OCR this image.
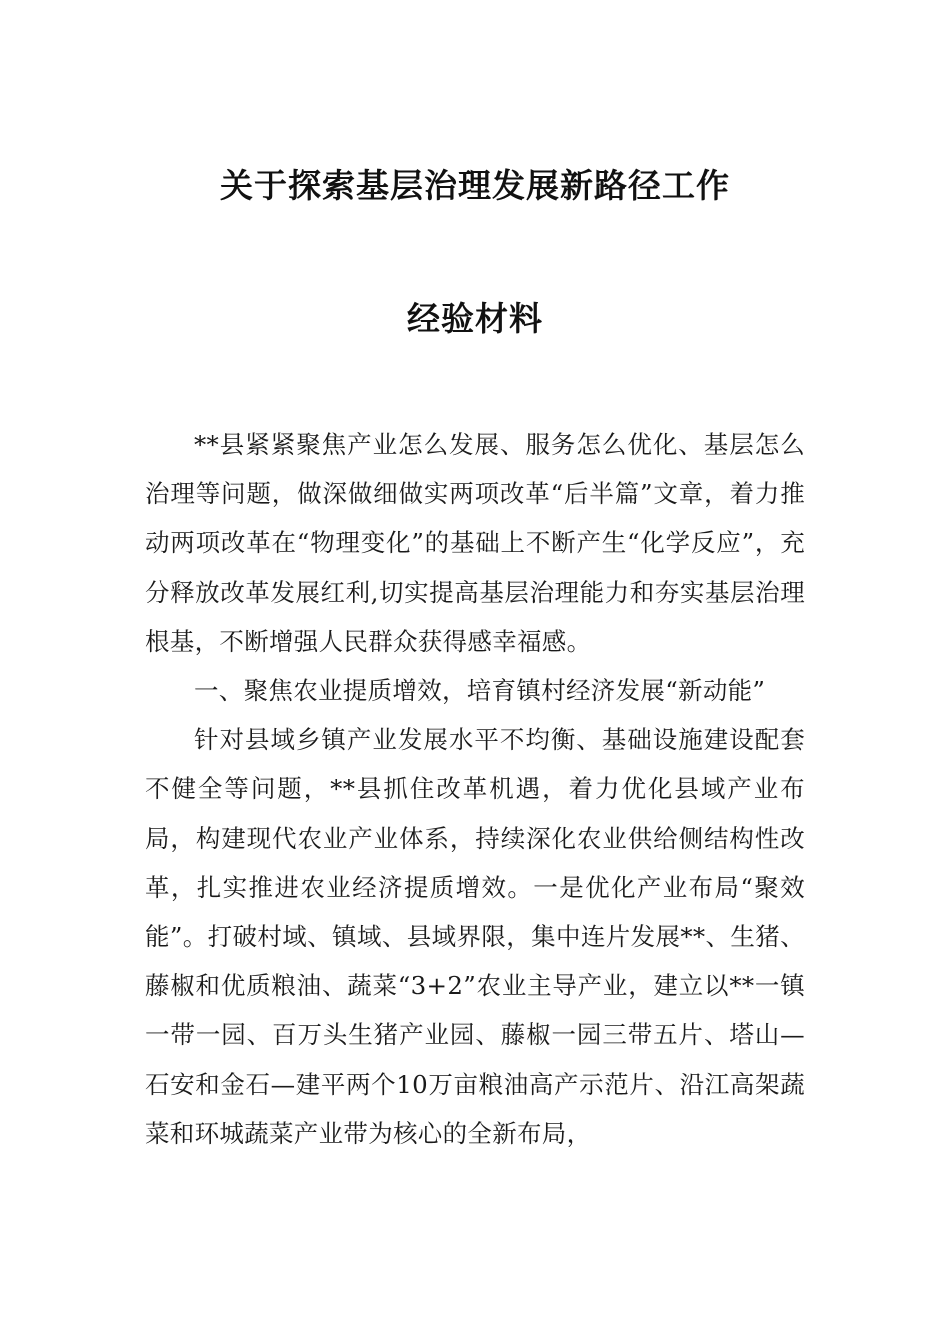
关于探索基层治理发展新路径工作
经验材料

**县紧紧聚焦产业怎么发展、服务怎么优化、基层怎么治理等问题，做深做细做实两项改革“后半篇”文章，着力推动两项改革在“物理变化”的基础上不断产生“化学反应”，充分释放改革发展红利,切实提高基层治理能力和夯实基层治理根基，不断增强人民群众获得感幸福感。

一、聚焦农业提质增效，培育镇村经济发展“新动能”

针对县域乡镇产业发展水平不均衡、基础设施建设配套不健全等问题，**县抓住改革机遇，着力优化县域产业布局，构建现代农业产业体系，持续深化农业供给侧结构性改革，扎实推进农业经济提质增效。一是优化产业布局“聚效能”。打破村域、镇域、县域界限，集中连片发展**、生猪、藤椒和优质粮油、蔬菜“3+2”农业主导产业，建立以**一镇一带一园、百万头生猪产业园、藤椒一园三带五片、塔山—石安和金石—建平两个10万亩粮油高产示范片、沿江高架蔬菜和环城蔬菜产业带为核心的全新布局，
